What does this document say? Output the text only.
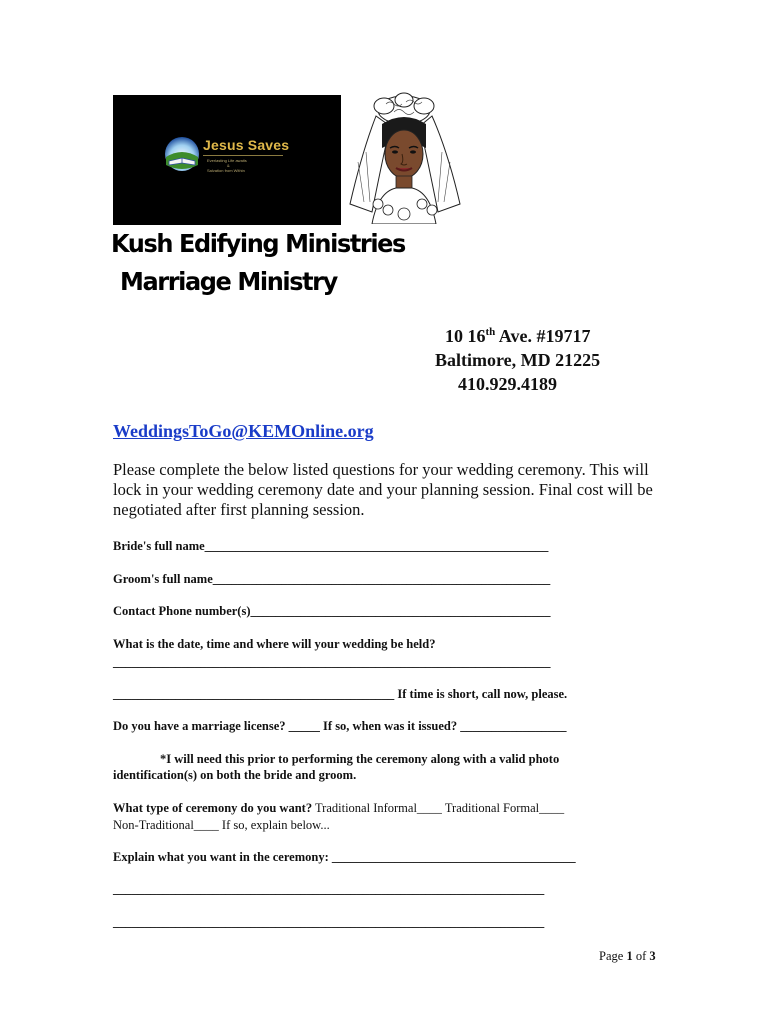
Jesus Saves
Everlasting Life awaits
&
Salvation from Within
Kush Edifying Ministries
Marriage Ministry
10 16th Ave. #19717
Baltimore, MD 21225
410.929.4189
WeddingsToGo@KEMOnline.org
Please complete the below listed questions for your wedding ceremony. This will lock in your wedding ceremony date and your planning session. Final cost will be negotiated after first planning session.
Bride's full name_______________________________________________________
Groom's full name______________________________________________________
Contact Phone number(s)________________________________________________
What is the date, time and where will your wedding be held?
______________________________________________________________________
_____________________________________________ If time is short, call now, please.
Do you have a marriage license? _____ If so, when was it issued? _________________
*I will need this prior to performing the ceremony along with a valid photo
identification(s) on both the bride and groom.
What type of ceremony do you want? Traditional Informal____ Traditional Formal____
Non-Traditional____ If so, explain below...
Explain what you want in the ceremony: _______________________________________
_____________________________________________________________________
_____________________________________________________________________
Page 1 of 3
